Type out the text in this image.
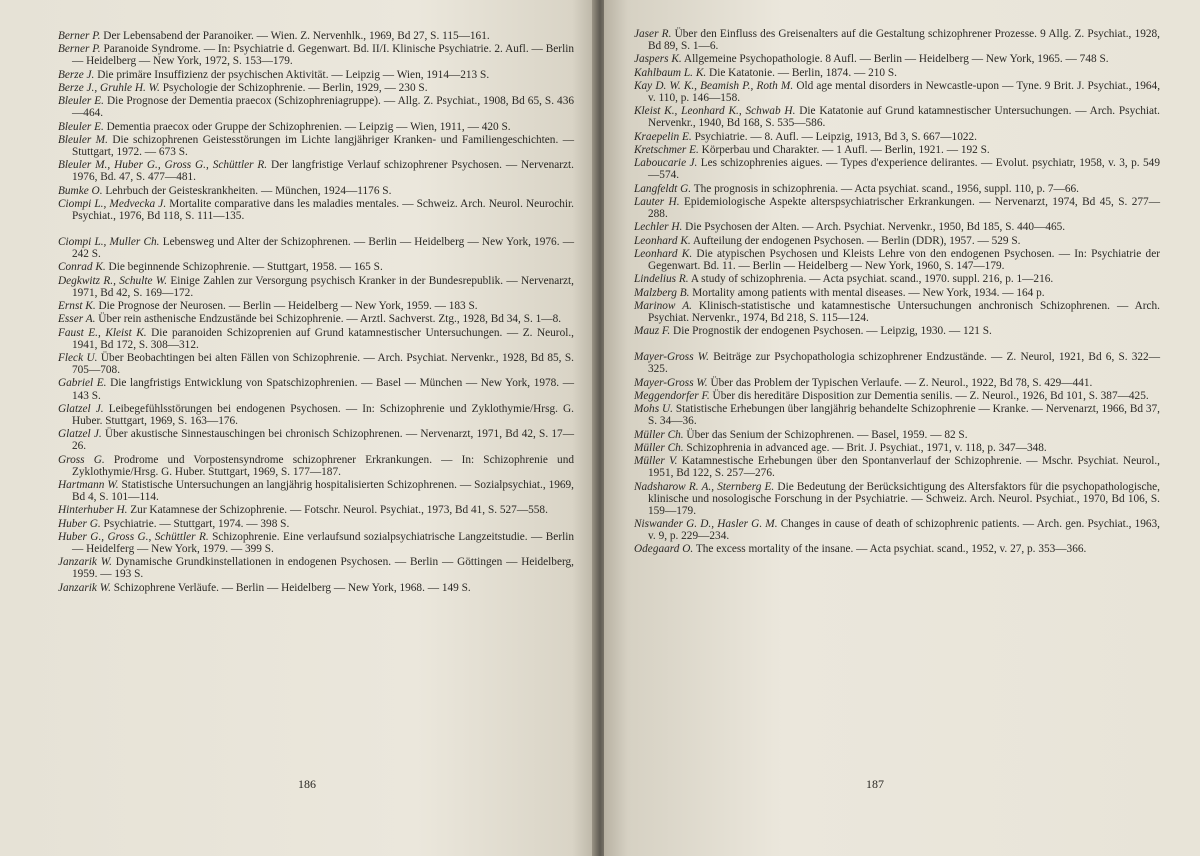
Berner P. Der Lebensabend der Paranoiker. — Wien. Z. Nervenhlk., 1969, Bd 27, S. 115—161.
Berner P. Paranoide Syndrome. — In: Psychiatrie d. Gegenwart. Bd. II/I. Klinische Psychiatrie. 2. Aufl. — Berlin — Heidelberg — New York, 1972, S. 153—179.
Berze J. Die primäre Insuffizienz der psychischen Aktivität. — Leipzig — Wien, 1914—213 S.
Berze J., Gruhle H. W. Psychologie der Schizophrenie. — Berlin, 1929, — 230 S.
Bleuler E. Die Prognose der Dementia praecox (Schizophreniagruppe). — Allg. Z. Psychiat., 1908, Bd 65, S. 436—464.
Bleuler E. Dementia praecox oder Gruppe der Schizophrenien. — Leipzig — Wien, 1911, — 420 S.
Bleuler M. Die schizophrenen Geistesstörungen im Lichte langjähriger Kranken- und Familiengeschichten. — Stuttgart, 1972. — 673 S.
Bleuler M., Huber G., Gross G., Schüttler R. Der langfristige Verlauf schizophrener Psychosen. — Nervenarzt. 1976, Bd. 47, S. 477—481.
Bumke O. Lehrbuch der Geisteskrankheiten. — München, 1924—1176 S.
Ciompi L., Medvecka J. Mortalite comparative dans les maladies mentales. — Schweiz. Arch. Neurol. Neurochir. Psychiat., 1976, Bd 118, S. 111—135.
Ciompi L., Muller Ch. Lebensweg und Alter der Schizophrenen. — Berlin — Heidelberg — New York, 1976. — 242 S.
Conrad K. Die beginnende Schizophrenie. — Stuttgart, 1958. — 165 S.
Degkwitz R., Schulte W. Einige Zahlen zur Versorgung psychisch Kranker in der Bundesrepublik. — Nervenarzt, 1971, Bd 42, S. 169—172.
Ernst K. Die Prognose der Neurosen. — Berlin — Heidelberg — New York, 1959. — 183 S.
Esser A. Über rein asthenische Endzustände bei Schizophrenie. — Arztl. Sachverst. Ztg., 1928, Bd 34, S. 1—8.
Faust E., Kleist K. Die paranoiden Schizoprenien auf Grund katamnestischer Untersuchungen. — Z. Neurol., 1941, Bd 172, S. 308—312.
Fleck U. Über Beobachtingen bei alten Fällen von Schizophrenie. — Arch. Psychiat. Nervenkr., 1928, Bd 85, S. 705—708.
Gabriel E. Die langfristigs Entwicklung von Spatschizophrenien. — Basel — München — New York, 1978. — 143 S.
Glatzel J. Leibegefühlsstörungen bei endogenen Psychosen. — In: Schizophrenie und Zyklothymie/Hrsg. G. Huber. Stuttgart, 1969, S. 163—176.
Glatzel J. Über akustische Sinnestauschingen bei chronisch Schizophrenen. — Nervenarzt, 1971, Bd 42, S. 17—26.
Gross G. Prodrome und Vorpostensyndrome schizophrener Erkrankungen. — In: Schizophrenie und Zyklothymie/Hrsg. G. Huber. Stuttgart, 1969, S. 177—187.
Hartmann W. Statistische Untersuchungen an langjährig hospitalisierten Schizophrenen. — Sozialpsychiat., 1969, Bd 4, S. 101—114.
Hinterhuber H. Zur Katamnese der Schizophrenie. — Fotschr. Neurol. Psychiat., 1973, Bd 41, S. 527—558.
Huber G. Psychiatrie. — Stuttgart, 1974. — 398 S.
Huber G., Gross G., Schüttler R. Schizophrenie. Eine verlaufsund sozialpsychiatrische Langzeitstudie. — Berlin — Heidelferg — New York, 1979. — 399 S.
Janzarik W. Dynamische Grundkinstellationen in endogenen Psychosen. — Berlin — Göttingen — Heidelberg, 1959. — 193 S.
Janzarik W. Schizophrene Verläufe. — Berlin — Heidelberg — New York, 1968. — 149 S.
186
Jaser R. Über den Einfluss des Greisenalters auf die Gestaltung schizophrener Prozesse. 9 Allg. Z. Psychiat., 1928, Bd 89, S. 1—6.
Jaspers K. Allgemeine Psychopathologie. 8 Aufl. — Berlin — Heidelberg — New York, 1965. — 748 S.
Kahlbaum L. K. Die Katatonie. — Berlin, 1874. — 210 S.
Kay D. W. K., Beamish P., Roth M. Old age mental disorders in Newcastle-upon — Tyne. 9 Brit. J. Psychiat., 1964, v. 110, p. 146—158.
Kleist K., Leonhard K., Schwab H. Die Katatonie auf Grund katamnestischer Untersuchungen. — Arch. Psychiat. Nervenkr., 1940, Bd 168, S. 535—586.
Kraepelin E. Psychiatrie. — 8. Aufl. — Leipzig, 1913, Bd 3, S. 667—1022.
Kretschmer E. Körperbau und Charakter. — 1 Aufl. — Berlin, 1921. — 192 S.
Laboucarie J. Les schizophrenies aigues. — Types d'experience delirantes. — Evolut. psychiatr, 1958, v. 3, p. 549—574.
Langfeldt G. The prognosis in schizophrenia. — Acta psychiat. scand., 1956, suppl. 110, p. 7—66.
Lauter H. Epidemiologische Aspekte alterspsychiatrischer Erkrankungen. — Nervenarzt, 1974, Bd 45, S. 277—288.
Lechler H. Die Psychosen der Alten. — Arch. Psychiat. Nervenkr., 1950, Bd 185, S. 440—465.
Leonhard K. Aufteilung der endogenen Psychosen. — Berlin (DDR), 1957. — 529 S.
Leonhard K. Die atypischen Psychosen und Kleists Lehre von den endogenen Psychosen. — In: Psychiatrie der Gegenwart. Bd. 11. — Berlin — Heidelberg — New York, 1960, S. 147—179.
Lindelius R. A study of schizophrenia. — Acta psychiat. scand., 1970. suppl. 216, p. 1—216.
Malzberg B. Mortality among patients with mental diseases. — New York, 1934. — 164 p.
Marinow A. Klinisch-statistische und katamnestische Untersuchungen anchronisch Schizophrenen. — Arch. Psychiat. Nervenkr., 1974, Bd 218, S. 115—124.
Mauz F. Die Prognostik der endogenen Psychosen. — Leipzig, 1930. — 121 S.
Mayer-Gross W. Beiträge zur Psychopathologia schizophrener Endzustände. — Z. Neurol, 1921, Bd 6, S. 322—325.
Mayer-Gross W. Über das Problem der Typischen Verlaufe. — Z. Neurol., 1922, Bd 78, S. 429—441.
Meggendorfer F. Über dis hereditäre Disposition zur Dementia senilis. — Z. Neurol., 1926, Bd 101, S. 387—425.
Mohs U. Statistische Erhebungen über langjährig behandelte Schizophrenie — Kranke. — Nervenarzt, 1966, Bd 37, S. 34—36.
Müller Ch. Über das Senium der Schizophrenen. — Basel, 1959. — 82 S.
Müller Ch. Schizophrenia in advanced age. — Brit. J. Psychiat., 1971, v. 118, p. 347—348.
Müller V. Katamnestische Erhebungen über den Spontanverlauf der Schizophrenie. — Mschr. Psychiat. Neurol., 1951, Bd 122, S. 257—276.
Nadsharow R. A., Sternberg E. Die Bedeutung der Berücksichtigung des Altersfaktors für die psychopathologische, klinische und nosologische Forschung in der Psychiatrie. — Schweiz. Arch. Neurol. Psychiat., 1970, Bd 106, S. 159—179.
Niswander G. D., Hasler G. M. Changes in cause of death of schizophrenic patients. — Arch. gen. Psychiat., 1963, v. 9, p. 229—234.
Odegaard O. The excess mortality of the insane. — Acta psychiat. scand., 1952, v. 27, p. 353—366.
187
